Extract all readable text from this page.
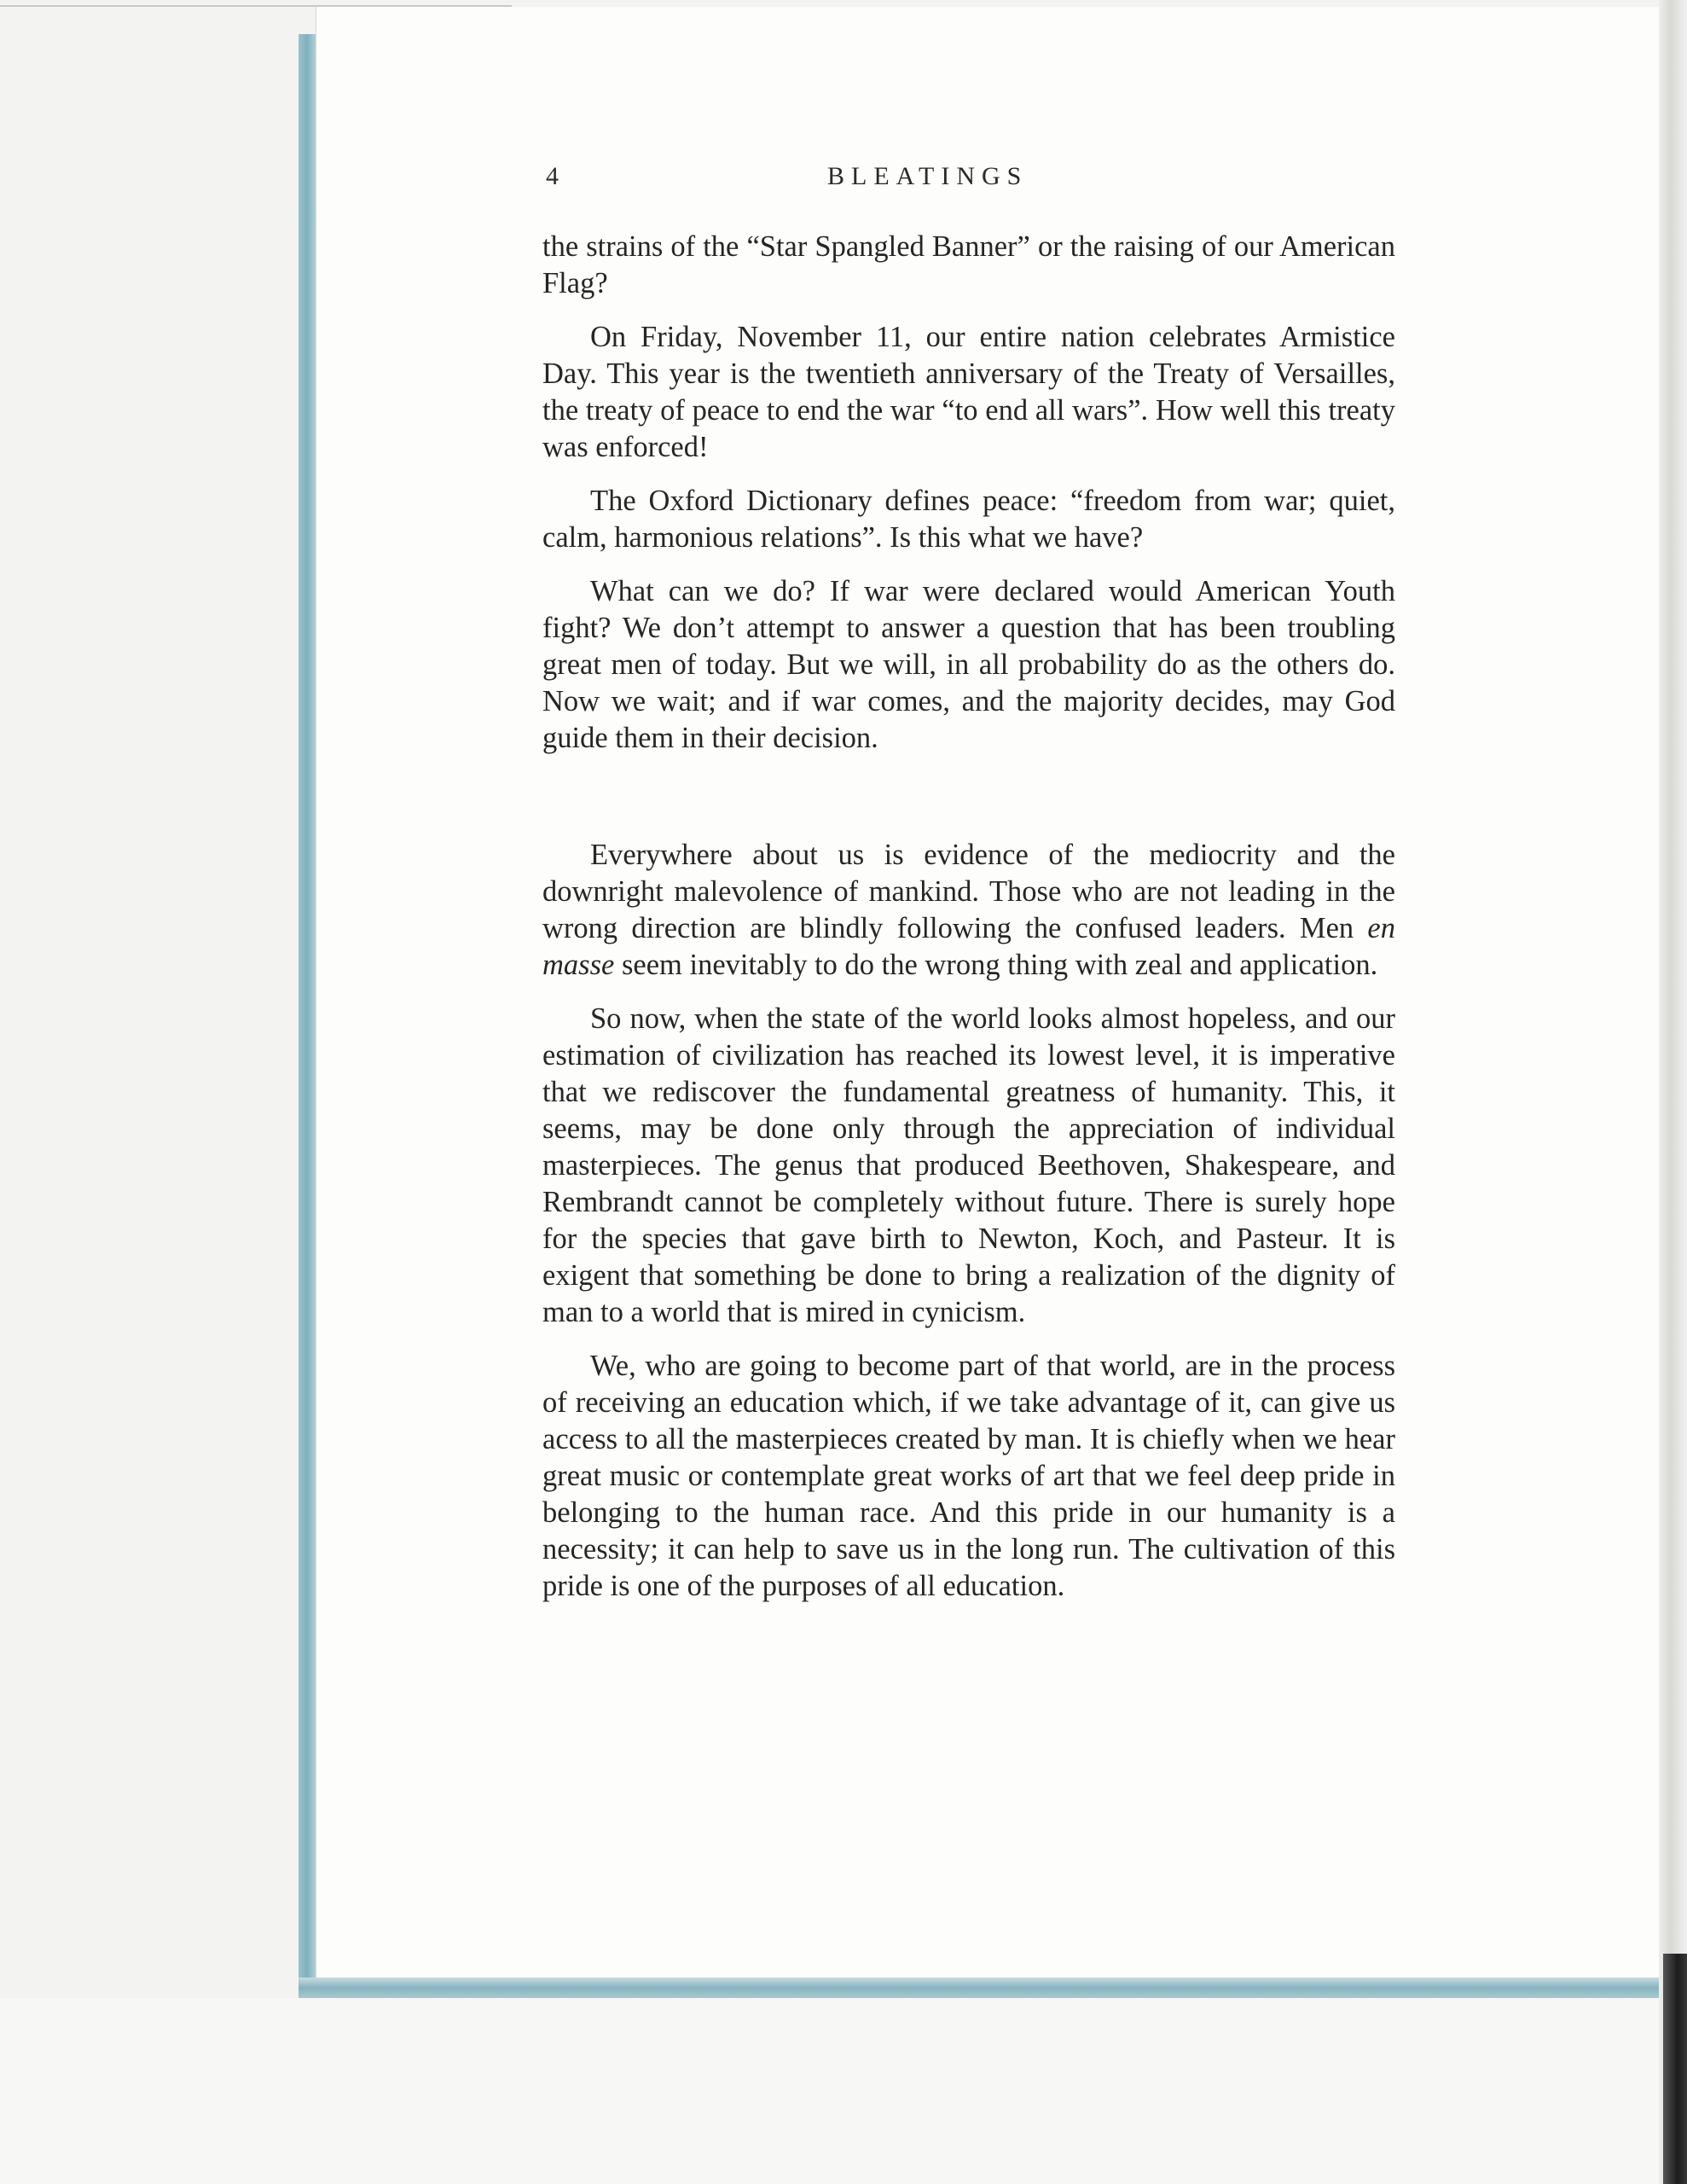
4	BLEATINGS

the strains of the “Star Spangled Banner” or the raising of our American Flag?

On Friday, November 11, our entire nation celebrates Armistice Day. This year is the twentieth anniversary of the Treaty of Versailles, the treaty of peace to end the war “to end all wars”. How well this treaty was enforced!

The Oxford Dictionary defines peace: “freedom from war; quiet, calm, harmonious relations”. Is this what we have?

What can we do? If war were declared would American Youth fight? We don’t attempt to answer a question that has been troubling great men of today. But we will, in all probability do as the others do. Now we wait; and if war comes, and the majority decides, may God guide them in their decision.

Everywhere about us is evidence of the mediocrity and the downright malevolence of mankind. Those who are not leading in the wrong direction are blindly following the confused leaders. Men en masse seem inevitably to do the wrong thing with zeal and application.

So now, when the state of the world looks almost hopeless, and our estimation of civilization has reached its lowest level, it is imperative that we rediscover the fundamental greatness of humanity. This, it seems, may be done only through the appreciation of individual masterpieces. The genus that produced Beethoven, Shakespeare, and Rembrandt cannot be completely without future. There is surely hope for the species that gave birth to Newton, Koch, and Pasteur. It is exigent that something be done to bring a realization of the dignity of man to a world that is mired in cynicism.

We, who are going to become part of that world, are in the process of receiving an education which, if we take advantage of it, can give us access to all the masterpieces created by man. It is chiefly when we hear great music or contemplate great works of art that we feel deep pride in belonging to the human race. And this pride in our humanity is a necessity; it can help to save us in the long run. The cultivation of this pride is one of the purposes of all education.
